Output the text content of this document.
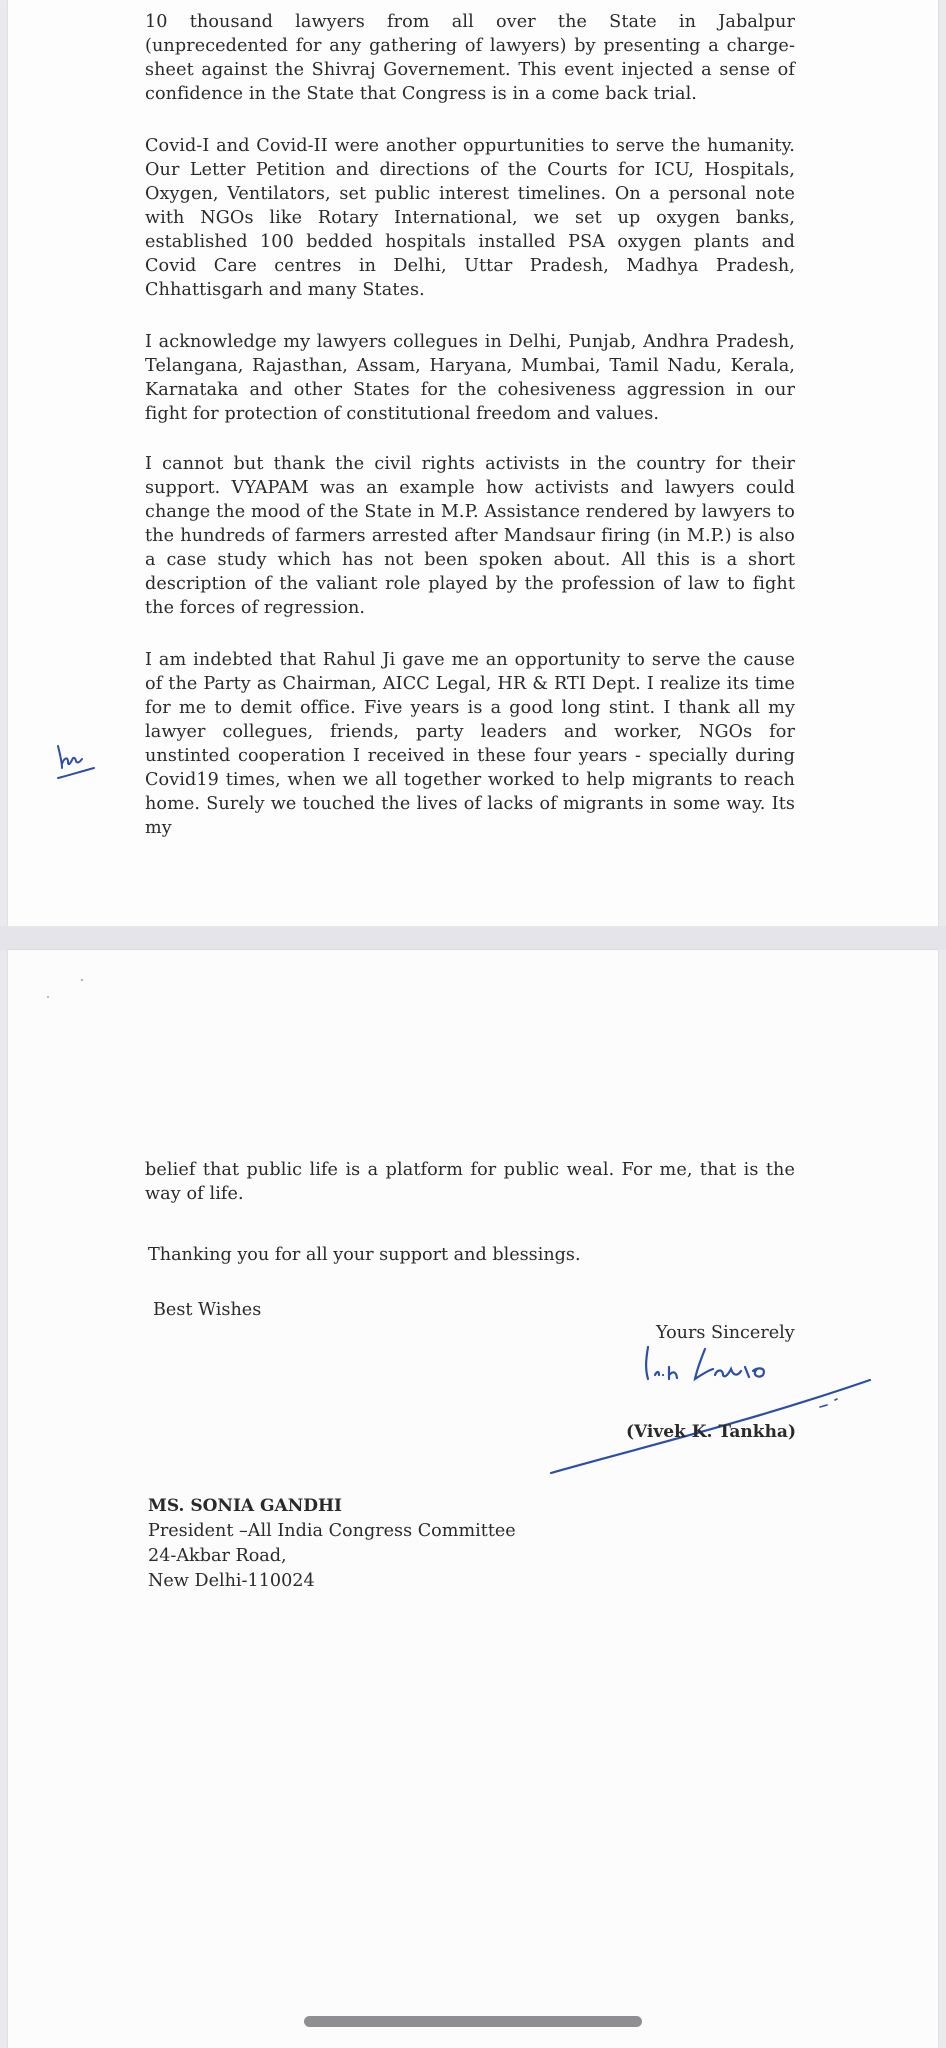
10 thousand lawyers from all over the State in Jabalpur (unprecedented for any gathering of lawyers) by presenting a charge-sheet against the Shivraj Governement. This event injected a sense of confidence in the State that Congress is in a come back trial.

Covid-I and Covid-II were another oppurtunities to serve the humanity. Our Letter Petition and directions of the Courts for ICU, Hospitals, Oxygen, Ventilators, set public interest timelines. On a personal note with NGOs like Rotary International, we set up oxygen banks, established 100 bedded hospitals installed PSA oxygen plants and Covid Care centres in Delhi, Uttar Pradesh, Madhya Pradesh, Chhattisgarh and many States.

I acknowledge my lawyers collegues in Delhi, Punjab, Andhra Pradesh, Telangana, Rajasthan, Assam, Haryana, Mumbai, Tamil Nadu, Kerala, Karnataka and other States for the cohesiveness aggression in our fight for protection of constitutional freedom and values.

I cannot but thank the civil rights activists in the country for their support. VYAPAM was an example how activists and lawyers could change the mood of the State in M.P. Assistance rendered by lawyers to the hundreds of farmers arrested after Mandsaur firing (in M.P.) is also a case study which has not been spoken about. All this is a short description of the valiant role played by the profession of law to fight the forces of regression.

I am indebted that Rahul Ji gave me an opportunity to serve the cause of the Party as Chairman, AICC Legal, HR & RTI Dept. I realize its time for me to demit office. Five years is a good long stint. I thank all my lawyer collegues, friends, party leaders and worker, NGOs for unstinted cooperation I received in these four years - specially during Covid19 times, when we all together worked to help migrants to reach home. Surely we touched the lives of lacks of migrants in some way. Its my

belief that public life is a platform for public weal. For me, that is the way of life.

Thanking you for all your support and blessings.

Best Wishes

Yours Sincerely
(Vivek K. Tankha)
MS. SONIA GANDHI
President –All India Congress Committee
24-Akbar Road,
New Delhi-110024
